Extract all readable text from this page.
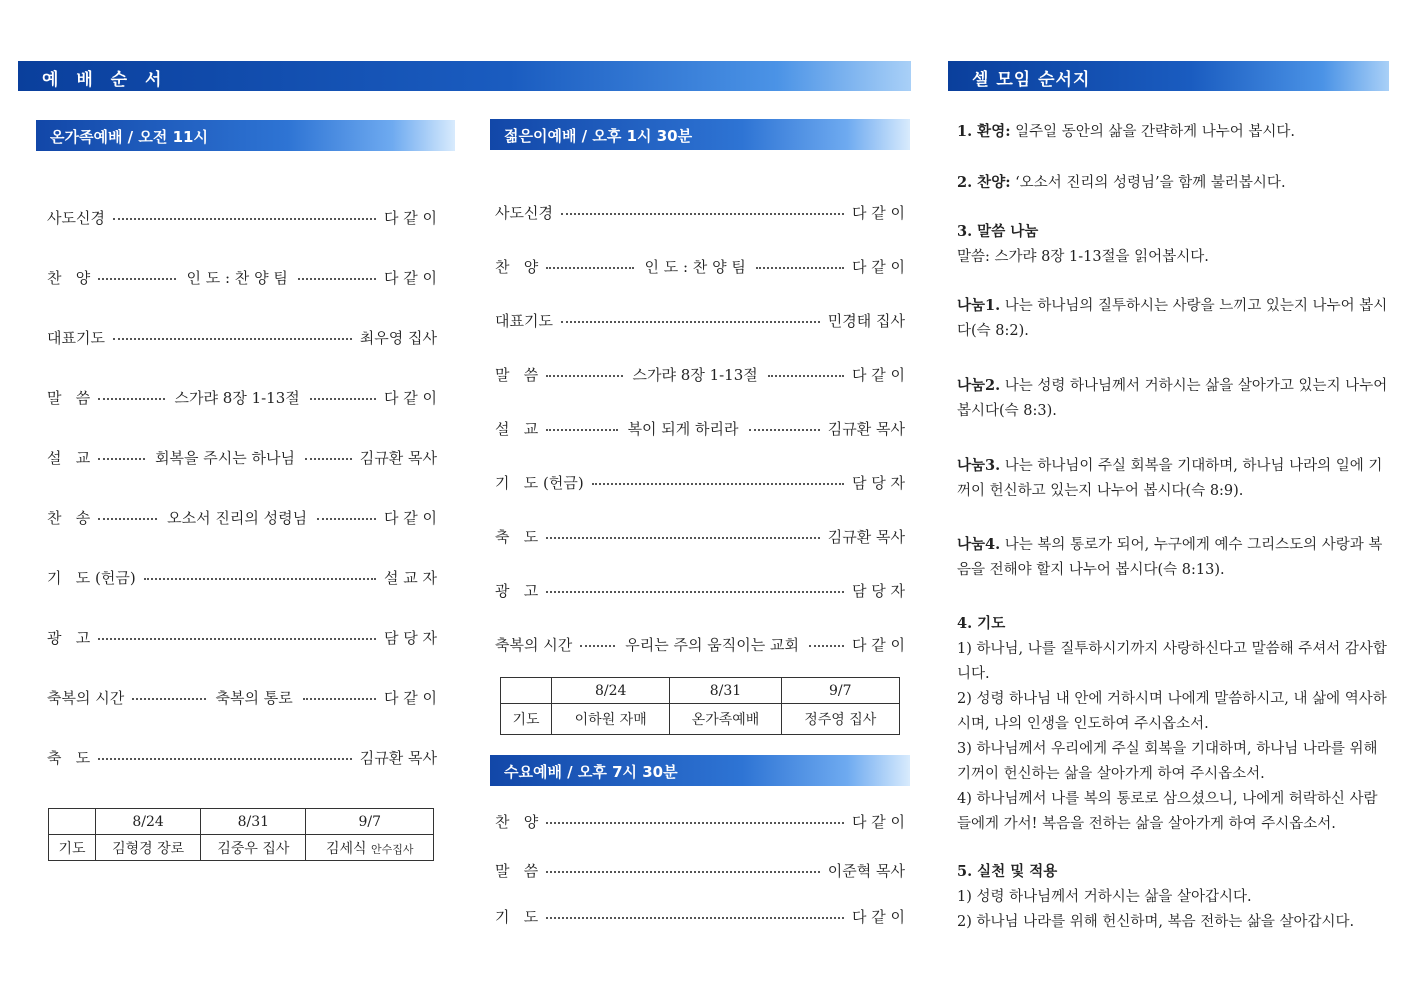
예 배 순 서	셀 모임 순서지
온가족예배 / 오전 11시
사도신경	다 같 이
찬   양	인 도 : 찬 양 팀	다 같 이
대표기도	최우영 집사
말   씀	스가랴 8장 1-13절	다 같 이
설   교	회복을 주시는 하나님	김규환 목사
찬   송	오소서 진리의 성령님	다 같 이
기   도 (헌금)	설 교 자
광   고	담 당 자
축복의 시간	축복의 통로	다 같 이
축   도	김규환 목사
	8/24	8/31	9/7
기도	김형경 장로	김중우 집사	김세식 안수집사
젊은이예배 / 오후 1시 30분
사도신경	다 같 이
찬   양	인 도 : 찬 양 팀	다 같 이
대표기도	민경태 집사
말   씀	스가랴 8장 1-13절	다 같 이
설   교	복이 되게 하리라	김규환 목사
기   도 (헌금)	담 당 자
축   도	김규환 목사
광   고	담 당 자
축복의 시간	우리는 주의 움직이는 교회	다 같 이
	8/24	8/31	9/7
기도	이하원 자매	온가족예배	정주영 집사
수요예배 / 오후 7시 30분
찬   양	다 같 이
말   씀	이준혁 목사
기   도	다 같 이

1. 환영: 일주일 동안의 삶을 간략하게 나누어 봅시다.

2. 찬양: ‘오소서 진리의 성령님’을 함께 불러봅시다.

3. 말씀 나눔

말씀: 스가랴 8장 1-13절을 읽어봅시다.

나눔1. 나는 하나님의 질투하시는 사랑을 느끼고 있는지 나누어 봅시다(슥 8:2).

나눔2. 나는 성령 하나님께서 거하시는 삶을 살아가고 있는지 나누어 봅시다(슥 8:3).

나눔3. 나는 하나님이 주실 회복을 기대하며, 하나님 나라의 일에 기꺼이 헌신하고 있는지 나누어 봅시다(슥 8:9).

나눔4. 나는 복의 통로가 되어, 누구에게 예수 그리스도의 사랑과 복음을 전해야 할지 나누어 봅시다(슥 8:13).

4. 기도

1) 하나님, 나를 질투하시기까지 사랑하신다고 말씀해 주셔서 감사합니다.

2) 성령 하나님 내 안에 거하시며 나에게 말씀하시고, 내 삶에 역사하시며, 나의 인생을 인도하여 주시옵소서.

3) 하나님께서 우리에게 주실 회복을 기대하며, 하나님 나라를 위해 기꺼이 헌신하는 삶을 살아가게 하여 주시옵소서.

4) 하나님께서 나를 복의 통로로 삼으셨으니, 나에게 허락하신 사람들에게 가서! 복음을 전하는 삶을 살아가게 하여 주시옵소서.

5. 실천 및 적용

1) 성령 하나님께서 거하시는 삶을 살아갑시다.

2) 하나님 나라를 위해 헌신하며, 복음 전하는 삶을 살아갑시다.
